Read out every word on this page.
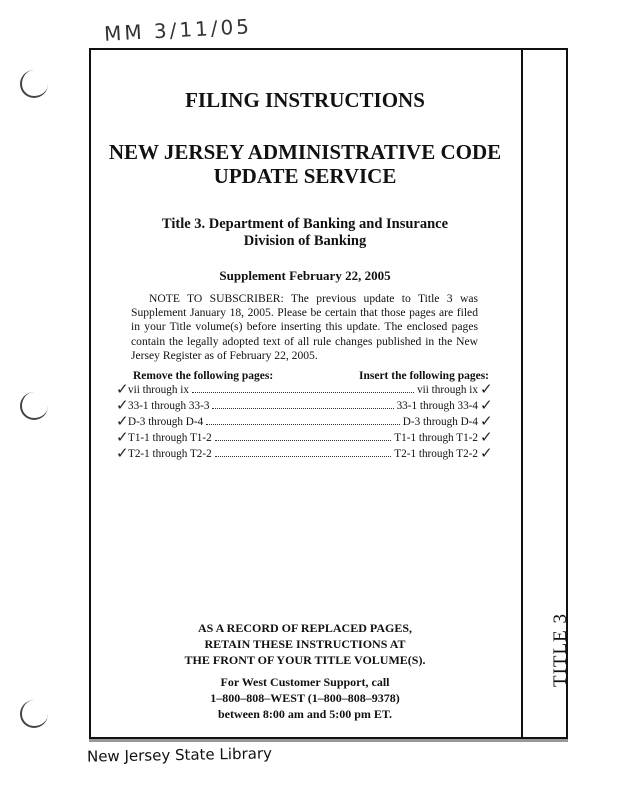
MM 3/11/05
TITLE 3
FILING INSTRUCTIONS
NEW JERSEY ADMINISTRATIVE CODE
UPDATE SERVICE
Title 3. Department of Banking and Insurance
Division of Banking
Supplement February 22, 2005
NOTE TO SUBSCRIBER: The previous update to Title 3 was Supplement January 18, 2005. Please be certain that those pages are filed in your Title volume(s) before inserting this update. The enclosed pages contain the legally adopted text of all rule changes published in the New Jersey Register as of February 22, 2005.
Remove the following pages:	Insert the following pages:
vii through ix	vii through ix
33-1 through 33-3	33-1 through 33-4
D-3 through D-4	D-3 through D-4
T1-1 through T1-2	T1-1 through T1-2
T2-1 through T2-2	T2-1 through T2-2
✓
✓
✓
✓
✓
✓
✓
✓
✓
✓
AS A RECORD OF REPLACED PAGES,
RETAIN THESE INSTRUCTIONS AT
THE FRONT OF YOUR TITLE VOLUME(S).
For West Customer Support, call
1–800–808–WEST (1–800–808–9378)
between 8:00 am and 5:00 pm ET.
New Jersey State Library
